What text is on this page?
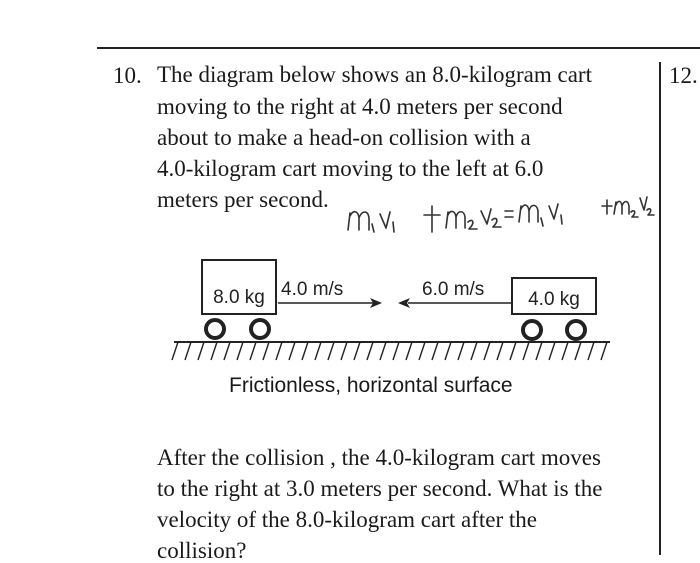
12.
10. The diagram below shows an 8.0-kilogram cart
moving to the right at 4.0 meters per second
about to make a head-on collision with a
4.0-kilogram cart moving to the left at 6.0
meters per second.
m₁v₁ + m₂v₂ = m₁v₁ + m₂v₂
8.0 kg 4.0 m/s	6.0 m/s 4.0 kg
Frictionless, horizontal surface
After the collision , the 4.0-kilogram cart moves
to the right at 3.0 meters per second. What is the
velocity of the 8.0-kilogram cart after the
collision?
